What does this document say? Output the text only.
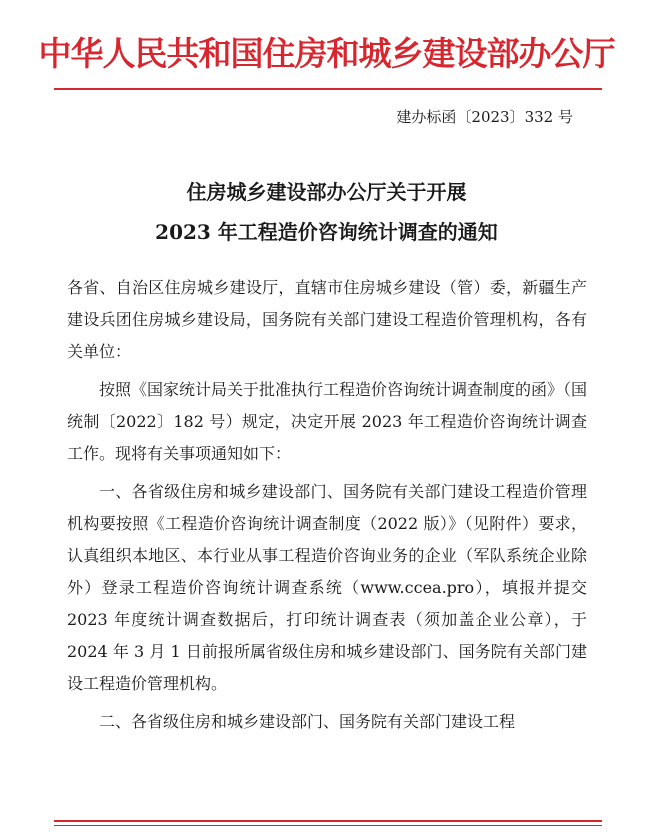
中华人民共和国住房和城乡建设部办公厅
建办标函〔2023〕332 号
住房城乡建设部办公厅关于开展
2023 年工程造价咨询统计调查的通知

各省、自治区住房城乡建设厅，直辖市住房城乡建设（管）委，新疆生产建设兵团住房城乡建设局，国务院有关部门建设工程造价管理机构，各有关单位：

按照《国家统计局关于批准执行工程造价咨询统计调查制度的函》（国统制〔2022〕182 号）规定，决定开展 2023 年工程造价咨询统计调查工作。现将有关事项通知如下：

一、各省级住房和城乡建设部门、国务院有关部门建设工程造价管理机构要按照《工程造价咨询统计调查制度（2022 版）》（见附件）要求，认真组织本地区、本行业从事工程造价咨询业务的企业（军队系统企业除外）登录工程造价咨询统计调查系统（www.ccea.pro），填报并提交 2023 年度统计调查数据后，打印统计调查表（须加盖企业公章），于 2024 年 3 月 1 日前报所属省级住房和城乡建设部门、国务院有关部门建设工程造价管理机构。

二、各省级住房和城乡建设部门、国务院有关部门建设工程
